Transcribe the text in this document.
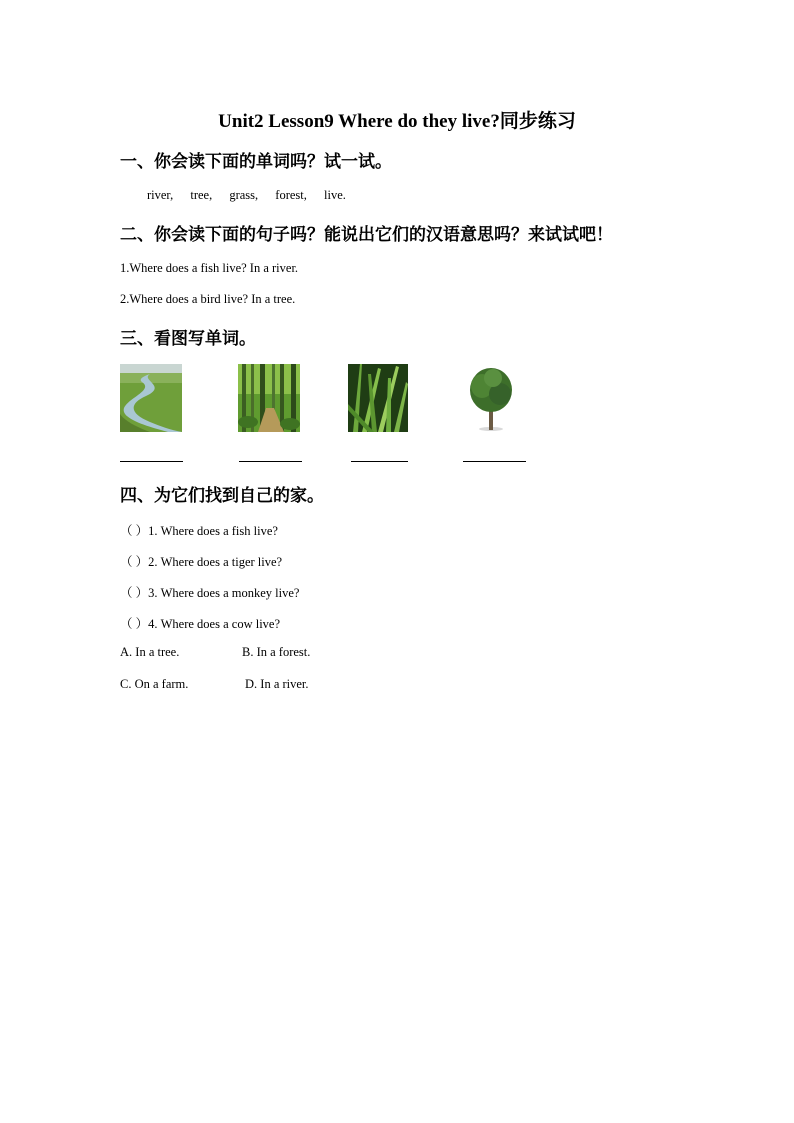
Unit2 Lesson9 Where do they live?同步练习
一、你会读下面的单词吗？试一试。
river, tree, grass, forest, live.
二、你会读下面的句子吗？能说出它们的汉语意思吗？来试试吧！
1.Where does a fish live? In a river.
2.Where does a bird live? In a tree.
三、看图写单词。
四、为它们找到自己的家。
（ ）1. Where does a fish live?
（ ）2. Where does a tiger live?
（ ）3. Where does a monkey live?
（ ）4. Where does a cow live?
A. In a tree.	B. In a forest.
C. On a farm.	D. In a river.
